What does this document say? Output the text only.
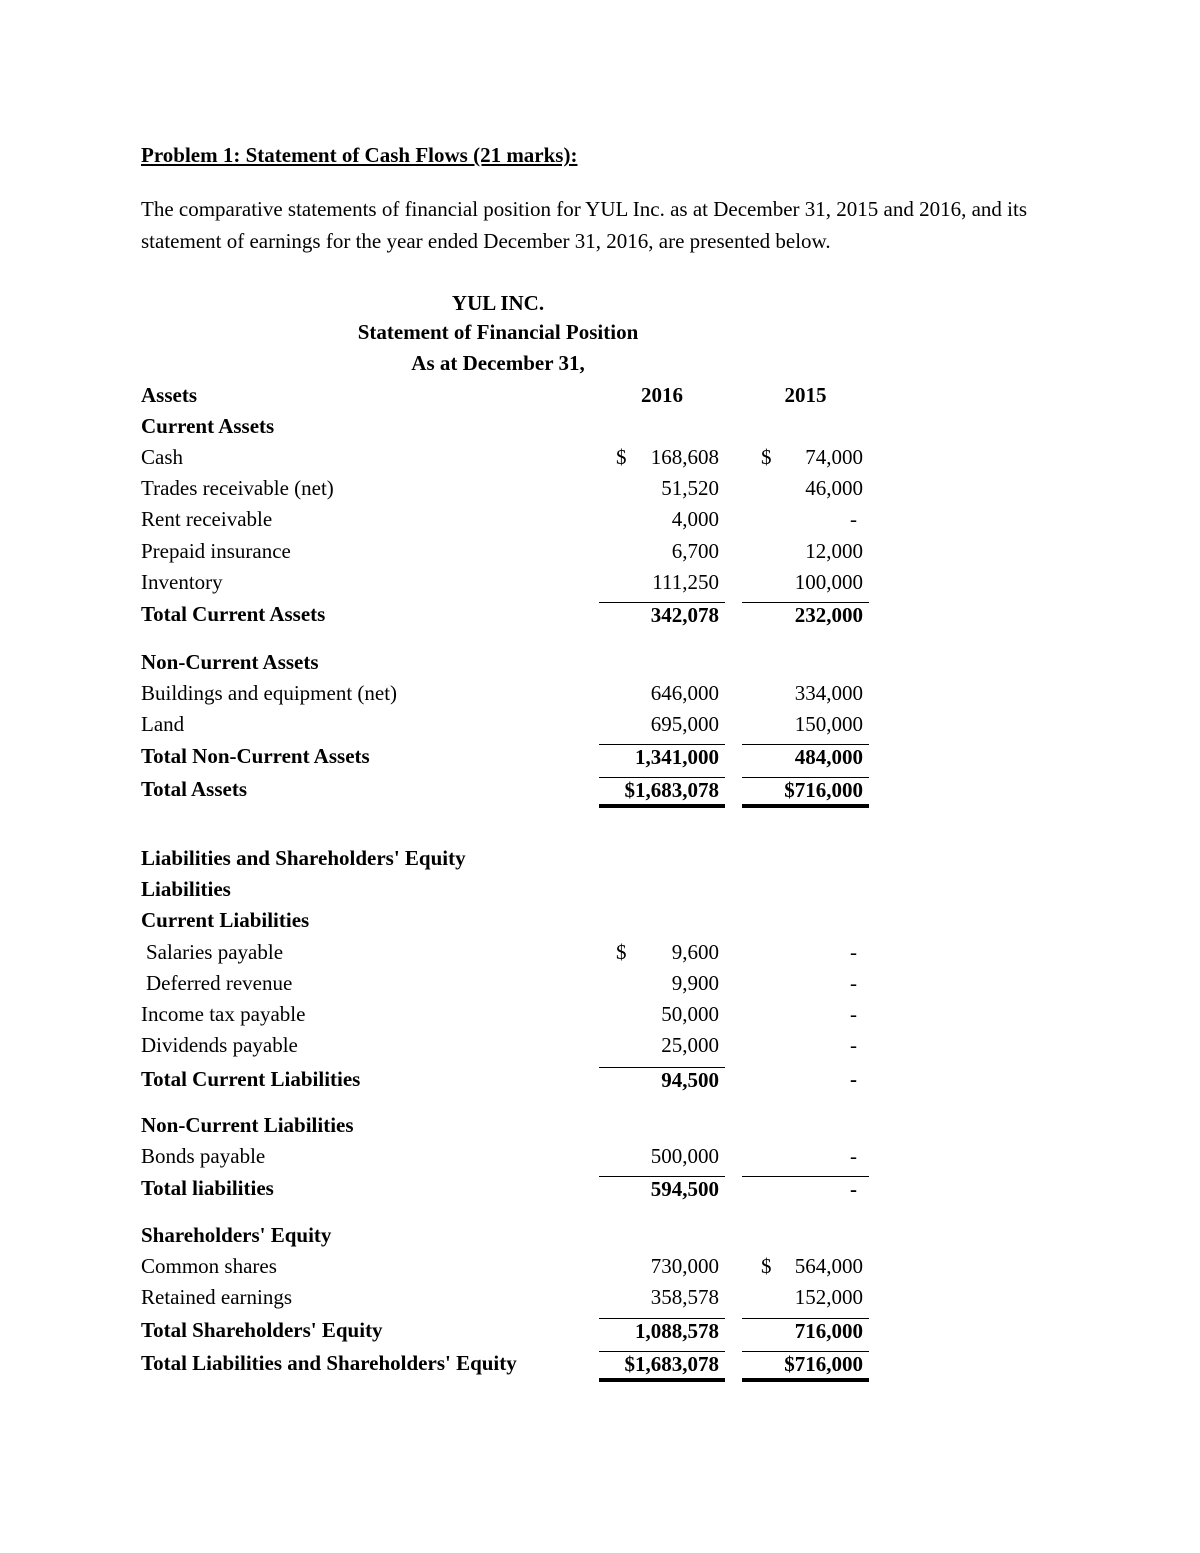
Problem 1: Statement of Cash Flows (21 marks):

The comparative statements of financial position for YUL Inc. as at December 31, 2015 and 2016, and its statement of earnings for the year ended December 31, 2016, are presented below.

YUL INC.
Statement of Financial Position
As at December 31,
Assets	2016	2015
Current Assets
Cash	$ 168,608 $ 74,000
Trades receivable (net)	51,520	46,000
Rent receivable	4,000	-
Prepaid insurance	6,700	12,000
Inventory	111,250	100,000
Total Current Assets	342,078	232,000
Non-Current Assets
Buildings and equipment (net)	646,000	334,000
Land	695,000	150,000
Total Non-Current Assets	1,341,000	484,000
Total Assets	$1,683,078	$716,000
Liabilities and Shareholders' Equity
Liabilities
Current Liabilities
Salaries payable	$ 9,600	-
Deferred revenue	9,900	-
Income tax payable	50,000	-
Dividends payable	25,000	-
Total Current Liabilities	94,500	-
Non-Current Liabilities
Bonds payable	500,000	-
Total liabilities	594,500	-
Shareholders' Equity
Common shares	730,000 $ 564,000
Retained earnings	358,578	152,000
Total Shareholders' Equity	1,088,578	716,000
Total Liabilities and Shareholders' Equity	$1,683,078	$716,000
